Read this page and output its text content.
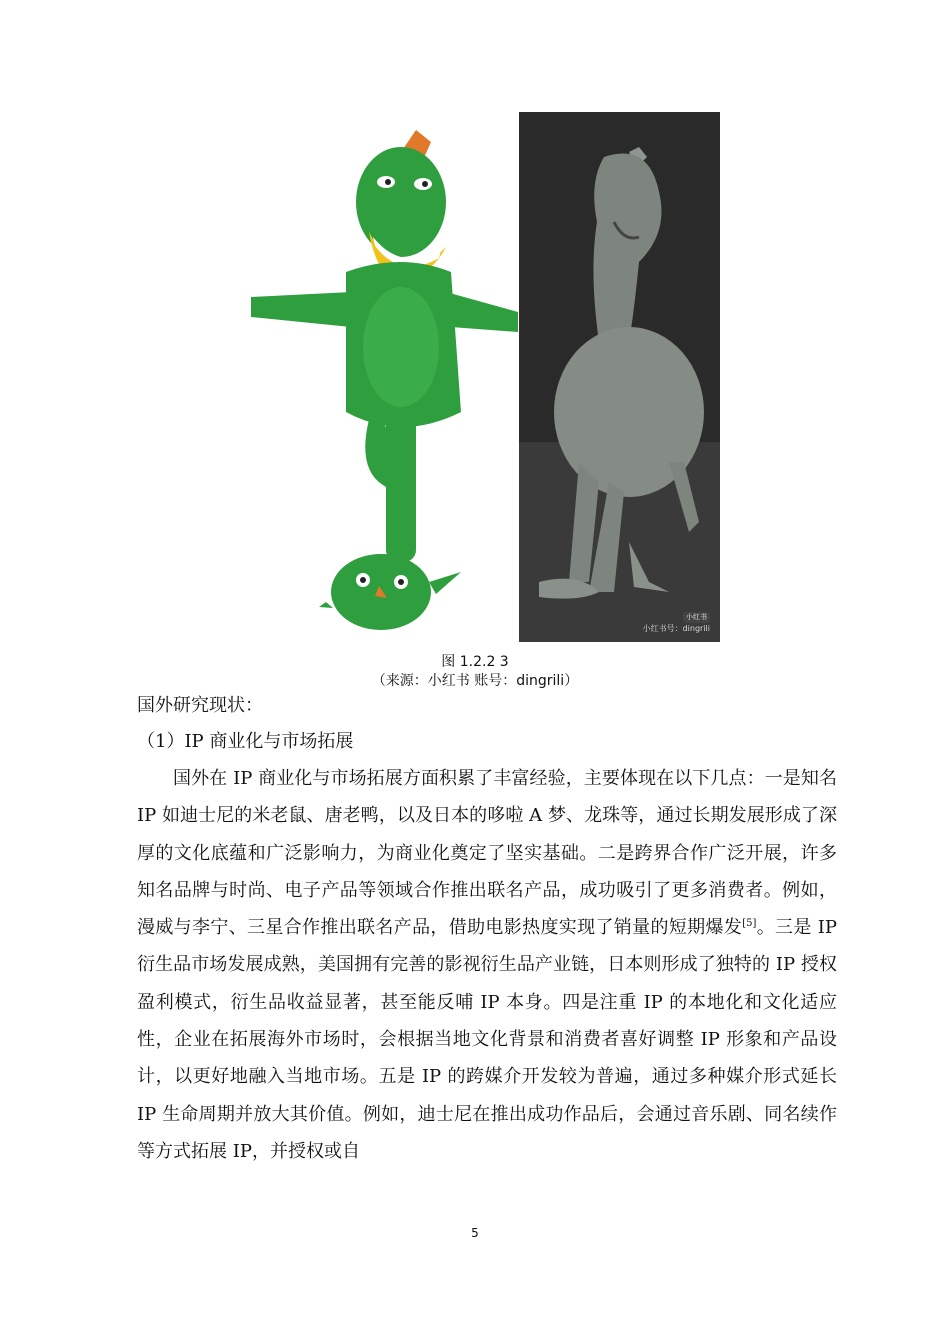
小红书
小红书号：dingrili
图 1.2.2 3
（来源：小红书 账号：dingrili）
国外研究现状：
（1）IP 商业化与市场拓展
国外在 IP 商业化与市场拓展方面积累了丰富经验，主要体现在以下几点：一是知名 IP 如迪士尼的米老鼠、唐老鸭，以及日本的哆啦 A 梦、龙珠等，通过长期发展形成了深厚的文化底蕴和广泛影响力，为商业化奠定了坚实基础。二是跨界合作广泛开展，许多知名品牌与时尚、电子产品等领域合作推出联名产品，成功吸引了更多消费者。例如，漫威与李宁、三星合作推出联名产品，借助电影热度实现了销量的短期爆发[5]。三是 IP 衍生品市场发展成熟，美国拥有完善的影视衍生品产业链，日本则形成了独特的 IP 授权盈利模式，衍生品收益显著，甚至能反哺 IP 本身。四是注重 IP 的本地化和文化适应性，企业在拓展海外市场时，会根据当地文化背景和消费者喜好调整 IP 形象和产品设计，以更好地融入当地市场。五是 IP 的跨媒介开发较为普遍，通过多种媒介形式延长 IP 生命周期并放大其价值。例如，迪士尼在推出成功作品后，会通过音乐剧、同名续作等方式拓展 IP，并授权或自
5
